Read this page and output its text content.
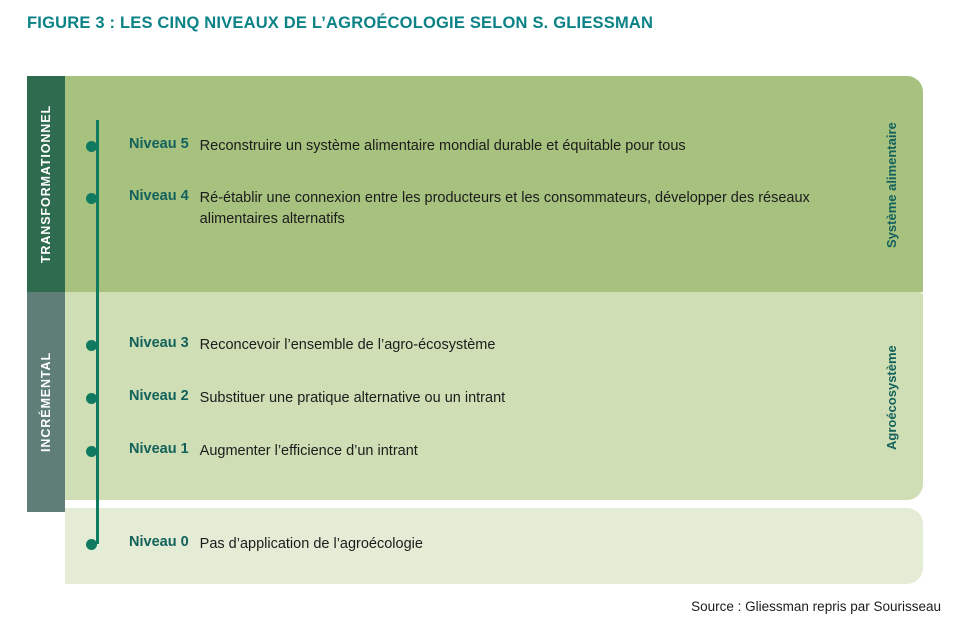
FIGURE 3 : LES CINQ NIVEAUX DE L’AGROÉCOLOGIE SELON S. GLIESSMAN
TRANSFORMATIONNEL
INCRÉMENTAL
Système alimentaire
Agroécosystème
Niveau 5 Reconstruire un système alimentaire mondial durable et équitable pour tous
Niveau 4 Ré-établir une connexion entre les producteurs et les consommateurs, développer des réseaux alimentaires alternatifs
Niveau 3 Reconcevoir l’ensemble de l’agro-écosystème
Niveau 2 Substituer une pratique alternative ou un intrant
Niveau 1 Augmenter l’efficience d’un intrant
Niveau 0 Pas d’application de l’agroécologie
Source : Gliessman repris par Sourisseau
